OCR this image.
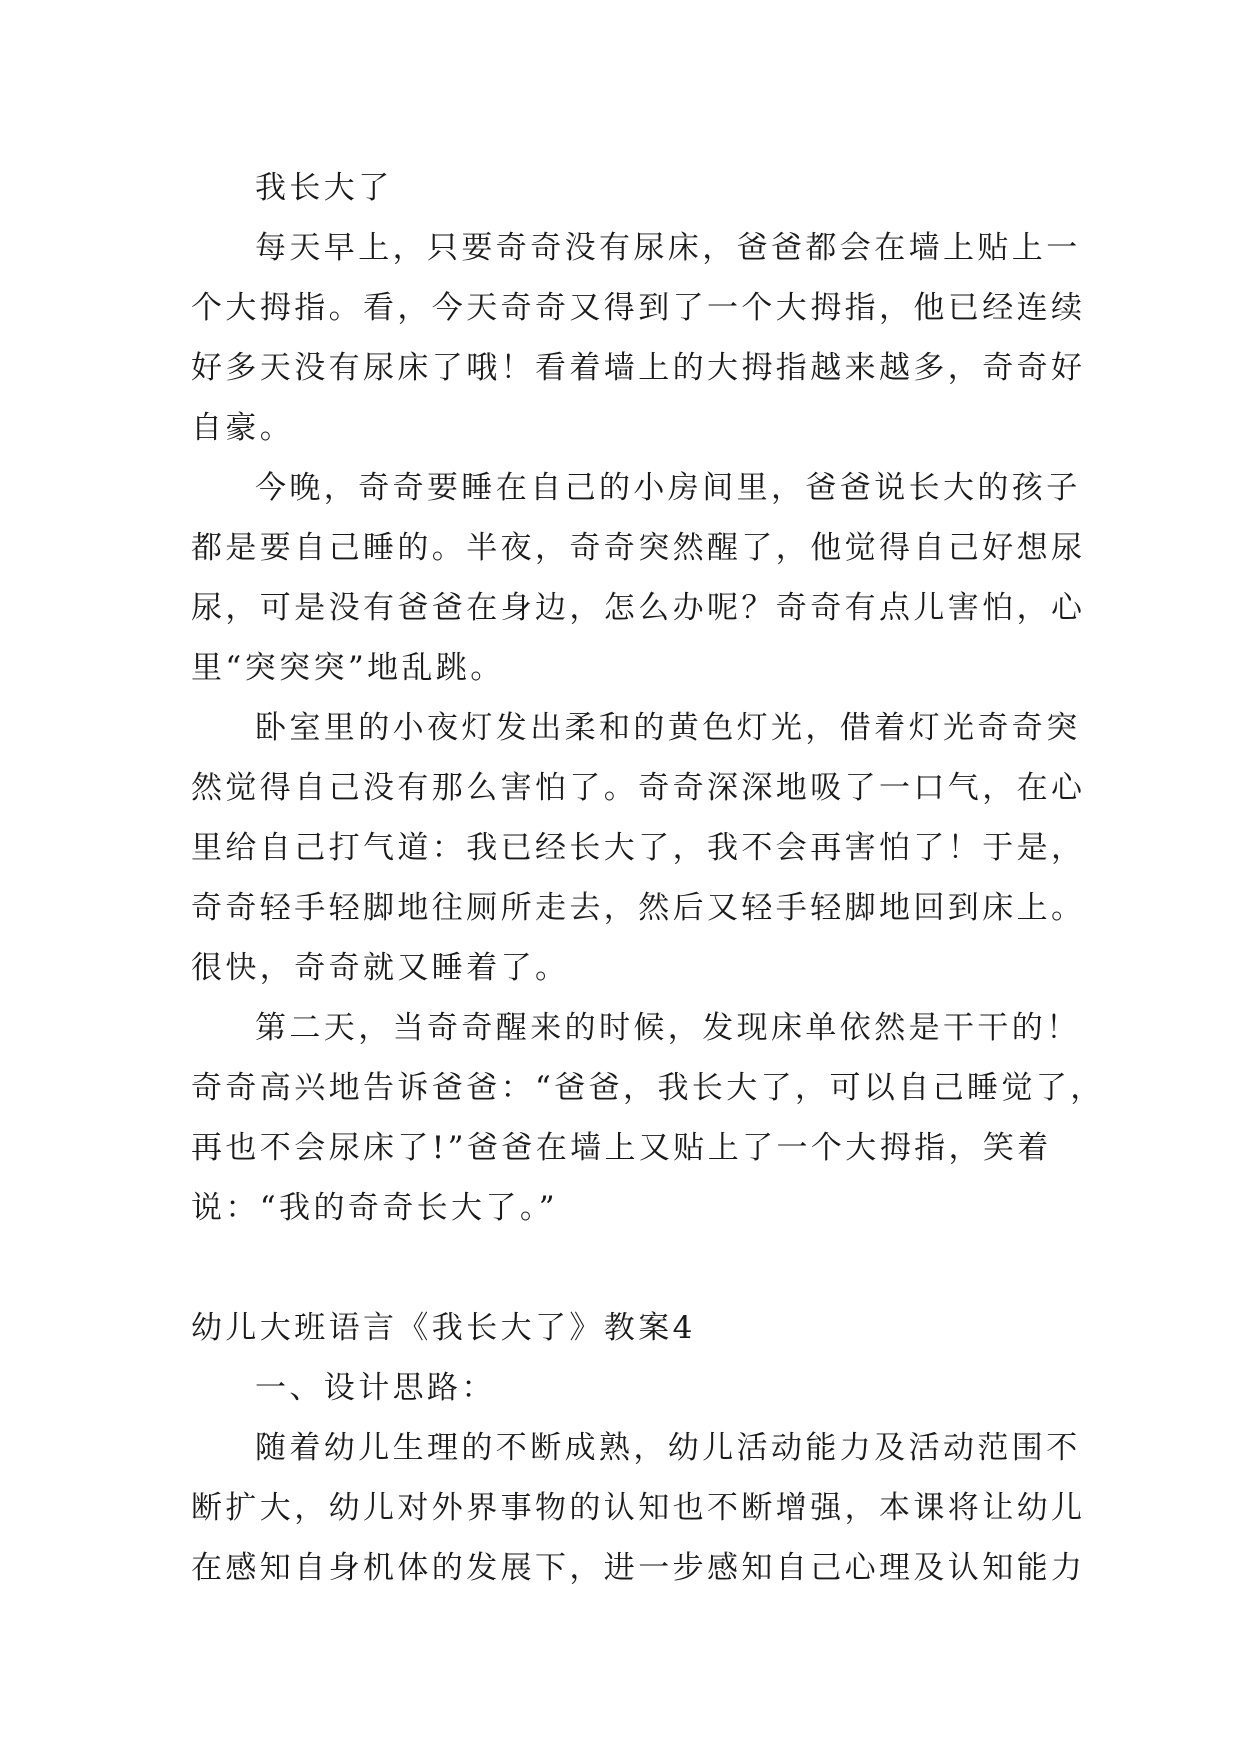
我长大了
每天早上，只要奇奇没有尿床，爸爸都会在墙上贴上一
个大拇指。看，今天奇奇又得到了一个大拇指，他已经连续
好多天没有尿床了哦！看着墙上的大拇指越来越多，奇奇好
自豪。
今晚，奇奇要睡在自己的小房间里，爸爸说长大的孩子
都是要自己睡的。半夜，奇奇突然醒了，他觉得自己好想尿
尿，可是没有爸爸在身边，怎么办呢？奇奇有点儿害怕，心
里“突突突”地乱跳。
卧室里的小夜灯发出柔和的黄色灯光，借着灯光奇奇突
然觉得自己没有那么害怕了。奇奇深深地吸了一口气，在心
里给自己打气道：我已经长大了，我不会再害怕了！于是，
奇奇轻手轻脚地往厕所走去，然后又轻手轻脚地回到床上。
很快，奇奇就又睡着了。
第二天，当奇奇醒来的时候，发现床单依然是干干的！
奇奇高兴地告诉爸爸：“爸爸，我长大了，可以自己睡觉了，
再也不会尿床了!”爸爸在墙上又贴上了一个大拇指，笑着
说：“我的奇奇长大了。”
幼儿大班语言《我长大了》教案4
一、设计思路：
随着幼儿生理的不断成熟，幼儿活动能力及活动范围不
断扩大，幼儿对外界事物的认知也不断增强，本课将让幼儿
在感知自身机体的发展下，进一步感知自己心理及认知能力
